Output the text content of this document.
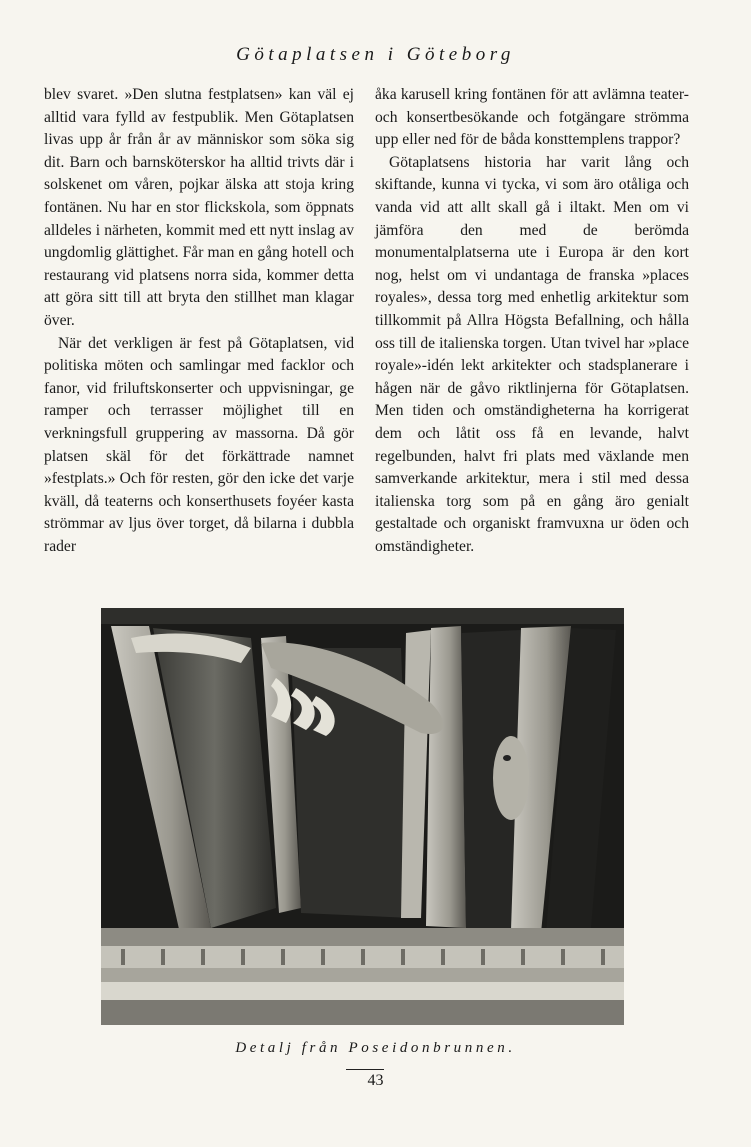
Götaplatsen i Göteborg

blev svaret. »Den slutna festplatsen» kan väl ej alltid vara fylld av festpublik. Men Götaplatsen livas upp år från år av människor som söka sig dit. Barn och barnsköterskor ha alltid trivts där i solskenet om våren, pojkar älska att stoja kring fontänen. Nu har en stor flickskola, som öppnats alldeles i närheten, kommit med ett nytt inslag av ungdomlig glättighet. Får man en gång hotell och restaurang vid platsens norra sida, kommer detta att göra sitt till att bryta den stillhet man klagar över.

När det verkligen är fest på Götaplatsen, vid politiska möten och samlingar med facklor och fanor, vid friluftskonserter och uppvisningar, ge ramper och terrasser möjlighet till en verkningsfull gruppering av massorna. Då gör platsen skäl för det förkättrade namnet »festplats.» Och för resten, gör den icke det varje kväll, då teaterns och konserthusets foyéer kasta strömmar av ljus över torget, då bilarna i dubbla rader

åka karusell kring fontänen för att avlämna teater- och konsertbesökande och fotgängare strömma upp eller ned för de båda konsttemplens trappor?

Götaplatsens historia har varit lång och skiftande, kunna vi tycka, vi som äro otåliga och vanda vid att allt skall gå i iltakt. Men om vi jämföra den med de berömda monumentalplatserna ute i Europa är den kort nog, helst om vi undantaga de franska »places royales», dessa torg med enhetlig arkitektur som tillkommit på Allra Högsta Befallning, och hålla oss till de italienska torgen. Utan tvivel har »place royale»-idén lekt arkitekter och stadsplanerare i hågen när de gåvo riktlinjerna för Götaplatsen. Men tiden och omständigheterna ha korrigerat dem och låtit oss få en levande, halvt regelbunden, halvt fri plats med växlande men samverkande arkitektur, mera i stil med dessa italienska torg som på en gång äro genialt gestaltade och organiskt framvuxna ur öden och omständigheter.

Detalj från Poseidonbrunnen.
43
